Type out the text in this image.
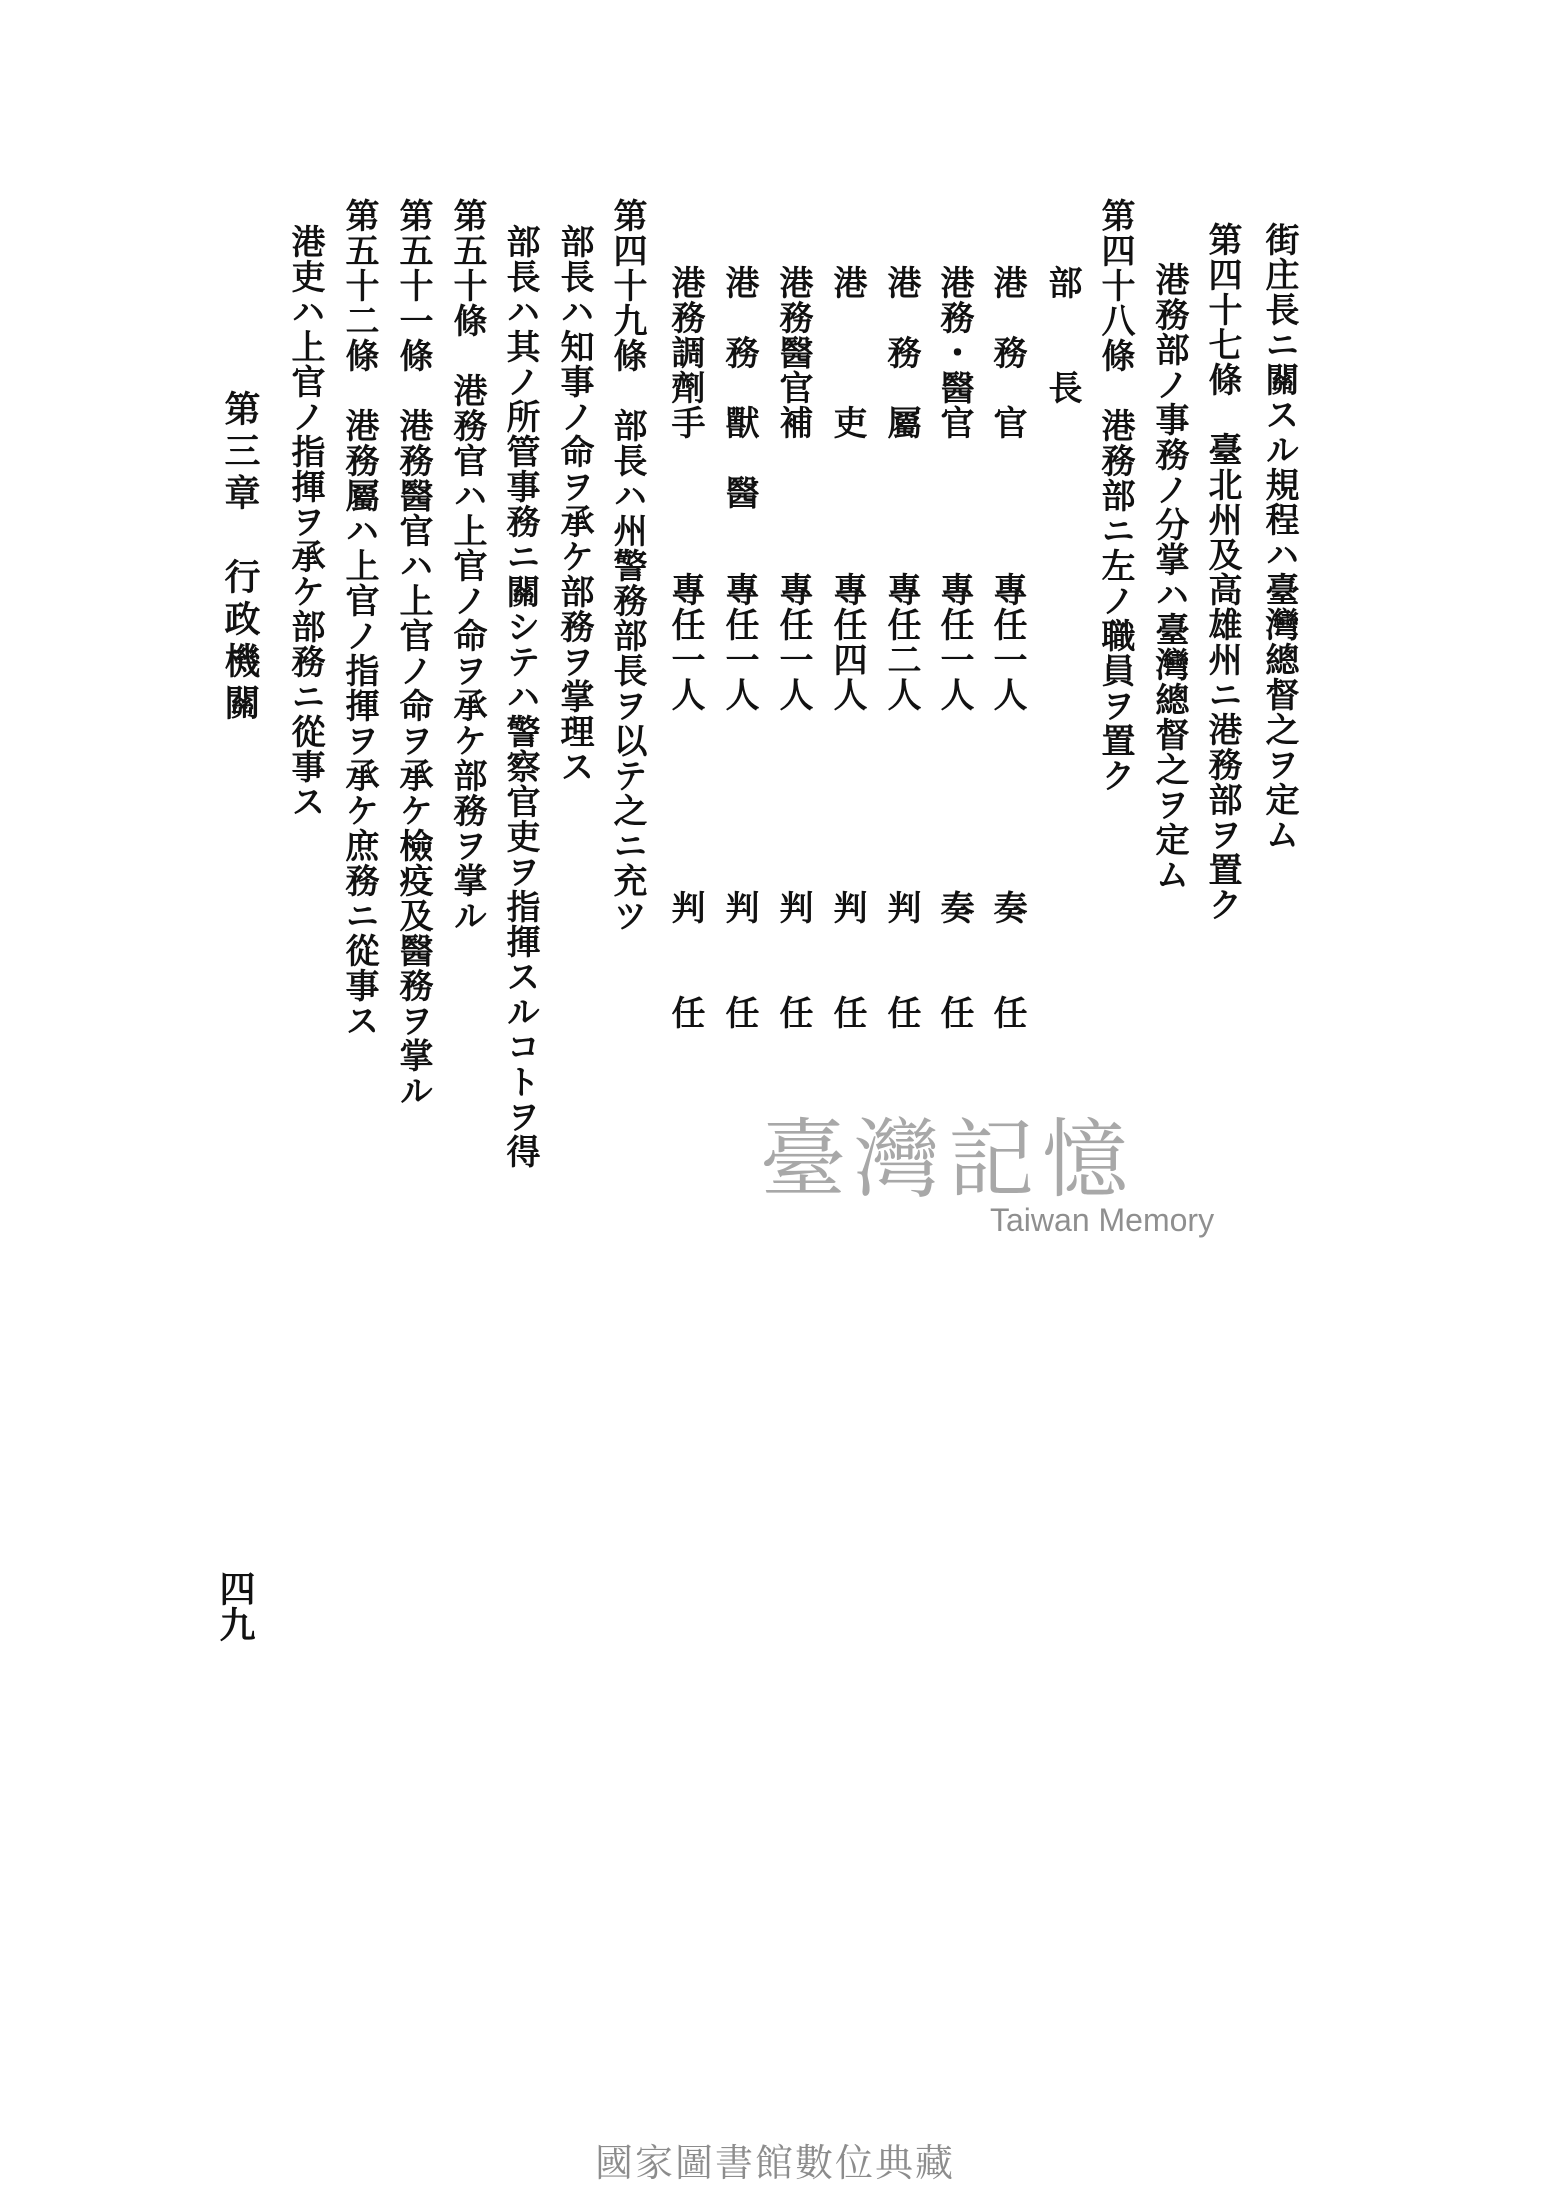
街庄長ニ關スル規程ハ臺灣總督之ヲ定ム
第四十七條　臺北州及高雄州ニ港務部ヲ置ク
港務部ノ事務ノ分掌ハ臺灣總督之ヲ定ム
第四十八條　港務部ニ左ノ職員ヲ置ク
部　　長
港　務　官
專任一人
奏　　任
港務・醫官
專任一人
奏　　任
港　務　屬
專任二人
判　　任
港　　　吏
專任四人
判　　任
港務醫官補
專任一人
判　　任
港　務　獸　醫
專任一人
判　　任
港務調劑手
專任一人
判　　任
第四十九條　部長ハ州警務部長ヲ以テ之ニ充ツ
部長ハ知事ノ命ヲ承ケ部務ヲ掌理ス
部長ハ其ノ所管事務ニ關シテハ警察官吏ヲ指揮スルコトヲ得
第五十條　港務官ハ上官ノ命ヲ承ケ部務ヲ掌ル
第五十一條　港務醫官ハ上官ノ命ヲ承ケ檢疫及醫務ヲ掌ル
第五十二條　港務屬ハ上官ノ指揮ヲ承ケ庶務ニ從事ス
港吏ハ上官ノ指揮ヲ承ケ部務ニ從事ス
第三章　行政機關
四九
臺灣記憶
Taiwan Memory
國家圖書館數位典藏
